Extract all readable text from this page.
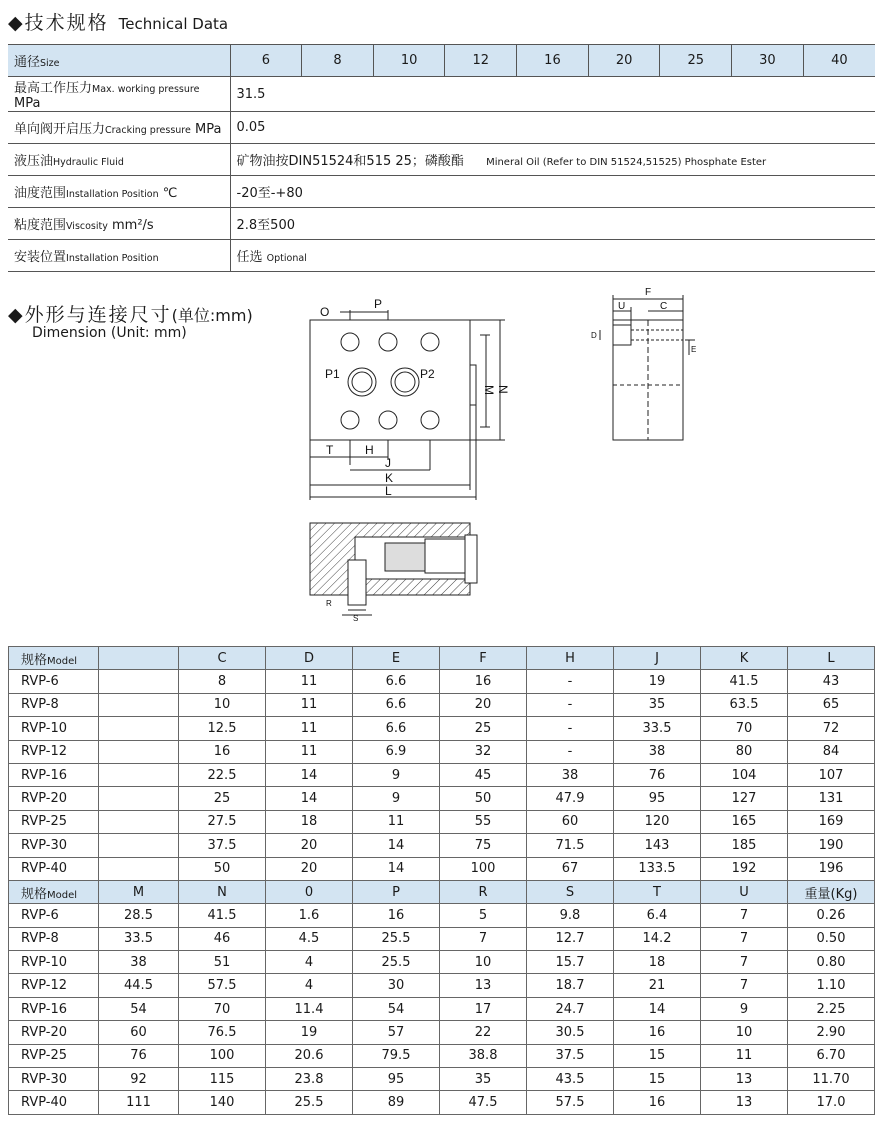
◆技术规格 Technical Data
通径Size	6	8	10	12	16	20	25	30	40
最高工作压力Max. working pressure MPa	31.5								
单向阀开启压力Cracking pressure MPa	0.05								
液压油Hydraulic Fluid	矿物油按DIN51524和515 25；磷酸酯 Mineral Oil (Refer to DIN 51524,51525) Phosphate Ester								
油度范围Installation Position ℃	-20至-+80								
粘度范围Viscosity mm²/s	2.8至500								
安装位置Installation Position	任选 Optional								
◆外形与连接尺寸(单位:mm)
Dimension (Unit: mm)
O
P
P1	P2
M N
T	H
J
K
L
F
U	C
D
E
R
S
规格Model		C	D	E	F	H	J	K	L
RVP-6		8	11	6.6	16	-	19	41.5	43
RVP-8		10	11	6.6	20	-	35	63.5	65
RVP-10		12.5	11	6.6	25	-	33.5	70	72
RVP-12		16	11	6.9	32	-	38	80	84
RVP-16		22.5	14	9	45	38	76	104	107
RVP-20		25	14	9	50	47.9	95	127	131
RVP-25		27.5	18	11	55	60	120	165	169
RVP-30		37.5	20	14	75	71.5	143	185	190
RVP-40		50	20	14	100	67	133.5	192	196
规格Model	M	N	0	P	R	S	T	U	重量(Kg)
RVP-6	28.5	41.5	1.6	16	5	9.8	6.4	7	0.26
RVP-8	33.5	46	4.5	25.5	7	12.7	14.2	7	0.50
RVP-10	38	51	4	25.5	10	15.7	18	7	0.80
RVP-12	44.5	57.5	4	30	13	18.7	21	7	1.10
RVP-16	54	70	11.4	54	17	24.7	14	9	2.25
RVP-20	60	76.5	19	57	22	30.5	16	10	2.90
RVP-25	76	100	20.6	79.5	38.8	37.5	15	11	6.70
RVP-30	92	115	23.8	95	35	43.5	15	13	11.70
RVP-40	111	140	25.5	89	47.5	57.5	16	13	17.0
